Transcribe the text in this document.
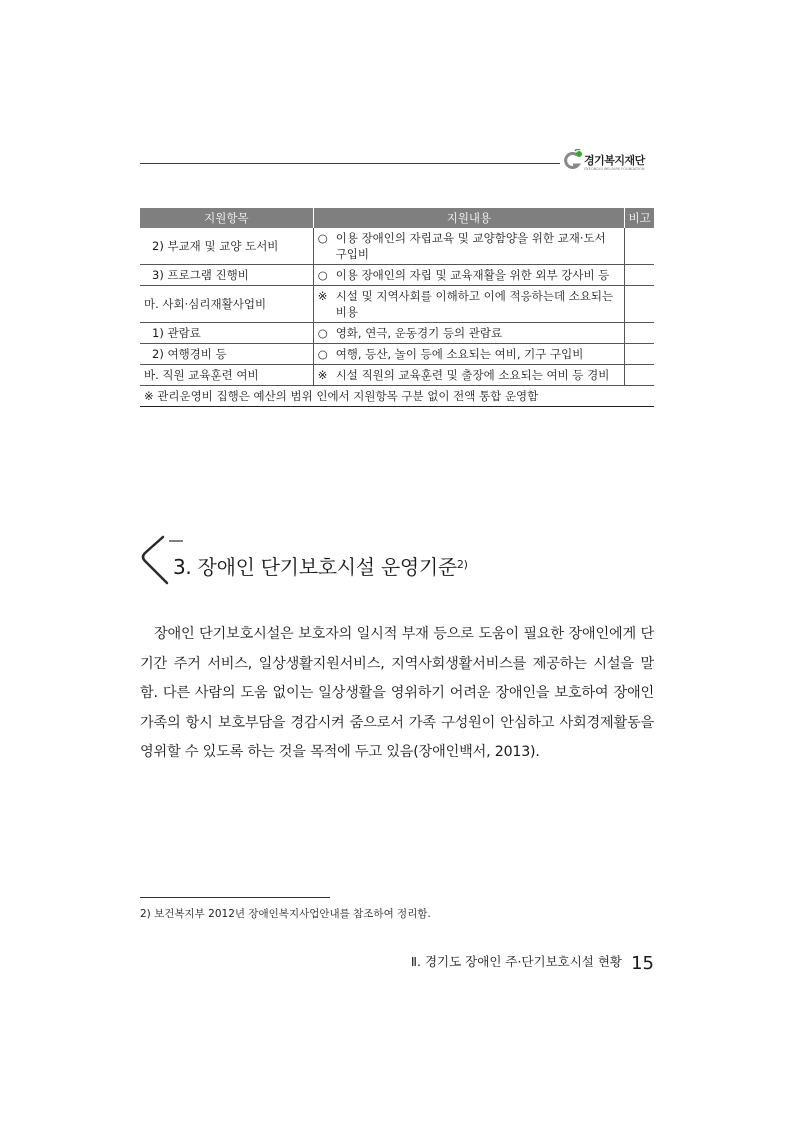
경기복지재단
GYEONGGI WELFARE FOUNDATION
지원항목	지원내용	비고
2) 부교재 및 교양 도서비	○ 이용 장애인의 자립교육 및 교양함양을 위한 교재·도서 구입비	

3) 프로그램 진행비	○ 이용 장애인의 자립 및 교육재활을 위한 외부 강사비 등	

마. 사회·심리재활사업비	※ 시설 및 지역사회를 이해하고 이에 적응하는데 소요되는 비용	

1) 관람료	○ 영화, 연극, 운동경기 등의 관람료	

2) 여행경비 등	○ 여행, 등산, 놀이 등에 소요되는 여비, 기구 구입비	

바. 직원 교육훈련 여비	※ 시설 직원의 교육훈련 및 출장에 소요되는 여비 등 경비	

※ 관리운영비 집행은 예산의 범위 인에서 지원항목 구분 없이 전액 통합 운영함		
3. 장애인 단기보호시설 운영기준$^{2)}$

장애인 단기보호시설은 보호자의 일시적 부재 등으로 도움이 필요한 장애인에게 단기간 주거 서비스, 일상생활지원서비스, 지역사회생활서비스를 제공하는 시설을 말함. 다른 사람의 도움 없이는 일상생활을 영위하기 어려운 장애인을 보호하여 장애인 가족의 항시 보호부담을 경감시켜 줌으로서 가족 구성원이 안심하고 사회경제활동을 영위할 수 있도록 하는 것을 목적에 두고 있음(장애인백서, 2013).

2) 보건복지부 2012년 장애인복지사업안내를 참조하여 정리함.
Ⅱ. 경기도 장애인 주·단기보호시설 현황 15
